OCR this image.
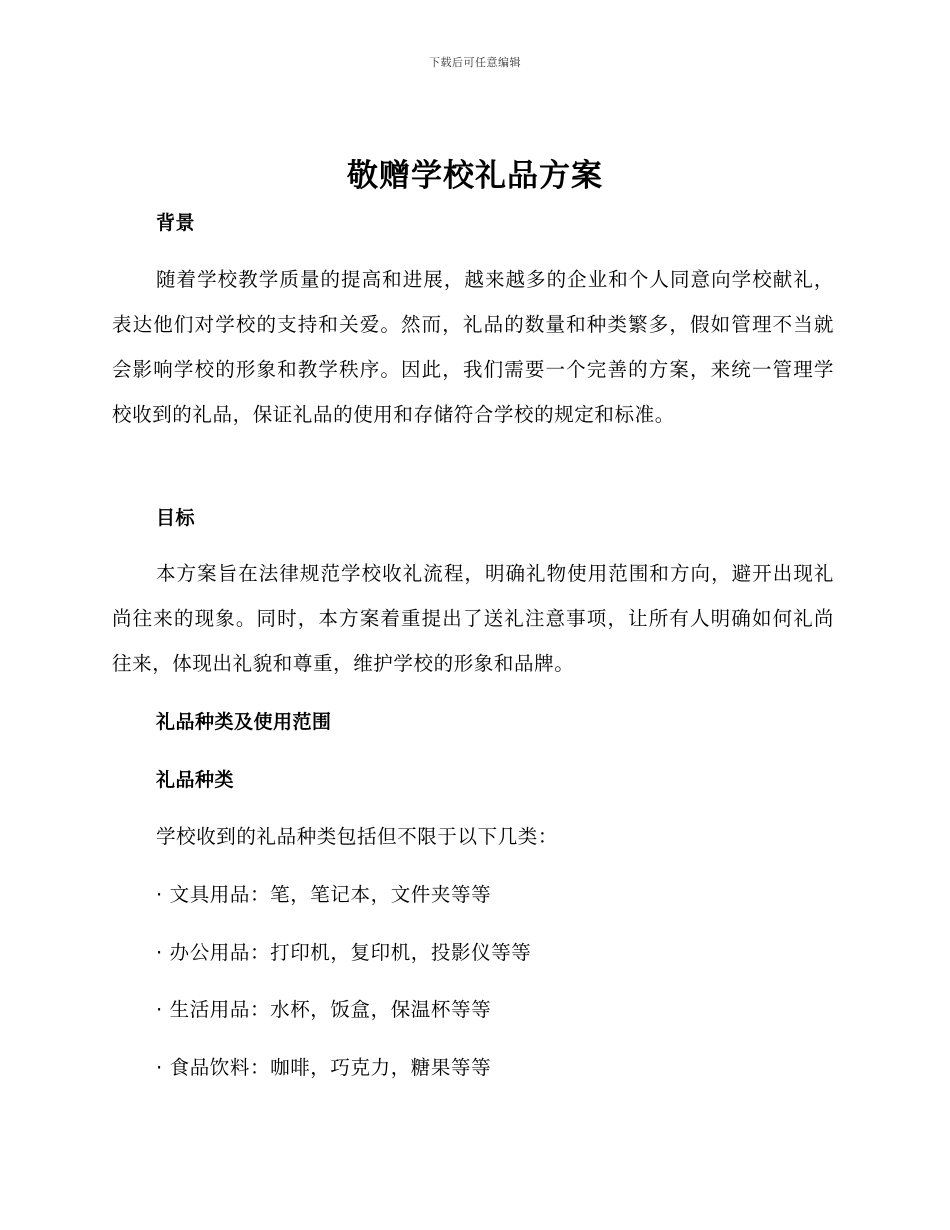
下载后可任意编辑
敬赠学校礼品方案
背景
随着学校教学质量的提高和进展，越来越多的企业和个人同意向学校献礼，表达他们对学校的支持和关爱。然而，礼品的数量和种类繁多，假如管理不当就会影响学校的形象和教学秩序。因此，我们需要一个完善的方案，来统一管理学校收到的礼品，保证礼品的使用和存储符合学校的规定和标准。
目标
本方案旨在法律规范学校收礼流程，明确礼物使用范围和方向，避开出现礼尚往来的现象。同时，本方案着重提出了送礼注意事项，让所有人明确如何礼尚往来，体现出礼貌和尊重，维护学校的形象和品牌。
礼品种类及使用范围
礼品种类
学校收到的礼品种类包括但不限于以下几类：
· 文具用品：笔，笔记本，文件夹等等
· 办公用品：打印机，复印机，投影仪等等
· 生活用品：水杯，饭盒，保温杯等等
· 食品饮料：咖啡，巧克力，糖果等等
